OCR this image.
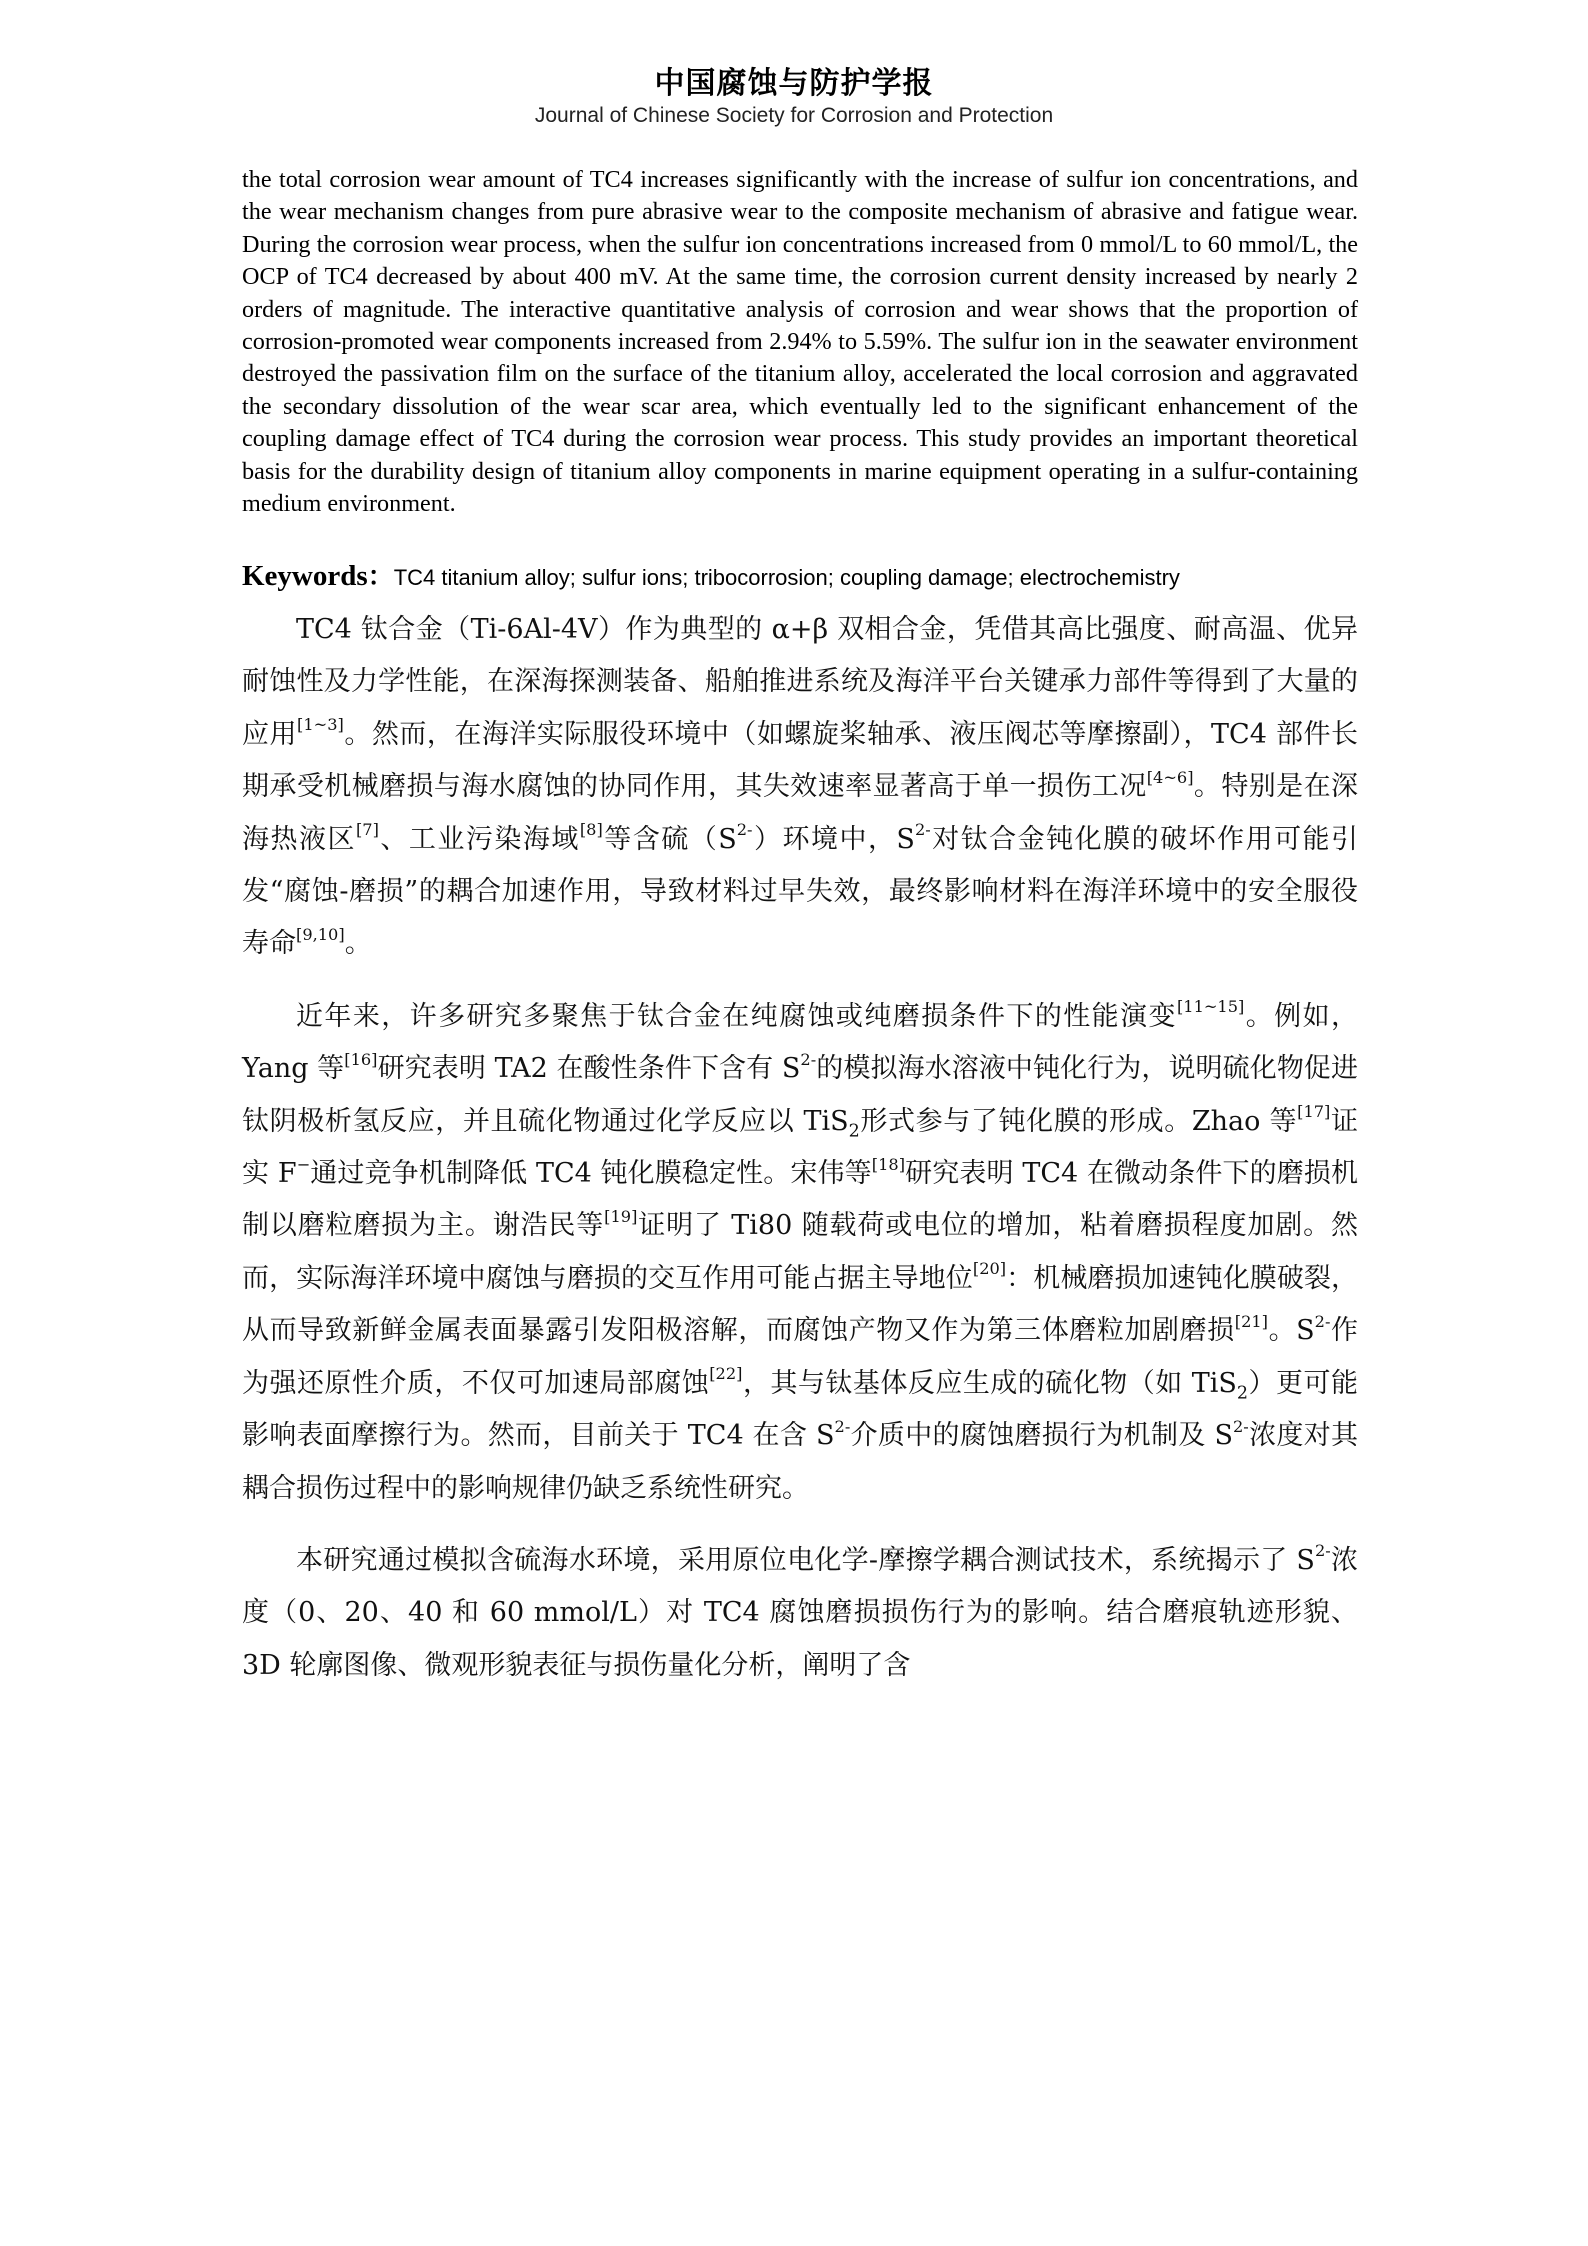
中国腐蚀与防护学报
Journal of Chinese Society for Corrosion and Protection
the total corrosion wear amount of TC4 increases significantly with the increase of sulfur ion concentrations, and the wear mechanism changes from pure abrasive wear to the composite mechanism of abrasive and fatigue wear. During the corrosion wear process, when the sulfur ion concentrations increased from 0 mmol/L to 60 mmol/L, the OCP of TC4 decreased by about 400 mV. At the same time, the corrosion current density increased by nearly 2 orders of magnitude. The interactive quantitative analysis of corrosion and wear shows that the proportion of corrosion-promoted wear components increased from 2.94% to 5.59%. The sulfur ion in the seawater environment destroyed the passivation film on the surface of the titanium alloy, accelerated the local corrosion and aggravated the secondary dissolution of the wear scar area, which eventually led to the significant enhancement of the coupling damage effect of TC4 during the corrosion wear process. This study provides an important theoretical basis for the durability design of titanium alloy components in marine equipment operating in a sulfur-containing medium environment.
Keywords：TC4 titanium alloy; sulfur ions; tribocorrosion; coupling damage; electrochemistry

TC4 钛合金（Ti-6Al-4V）作为典型的 α+β 双相合金，凭借其高比强度、耐高温、优异耐蚀性及力学性能，在深海探测装备、船舶推进系统及海洋平台关键承力部件等得到了大量的应用[1~3]。然而，在海洋实际服役环境中（如螺旋桨轴承、液压阀芯等摩擦副），TC4 部件长期承受机械磨损与海水腐蚀的协同作用，其失效速率显著高于单一损伤工况[4~6]。特别是在深海热液区[7]、工业污染海域[8]等含硫$(S^{2-})$环境中，$S^{2-}$对钛合金钝化膜的破坏作用可能引发“腐蚀-磨损”的耦合加速作用，导致材料过早失效，最终影响材料在海洋环境中的安全服役寿命[9,10]。

近年来，许多研究多聚焦于钛合金在纯腐蚀或纯磨损条件下的性能演变[11~15]。例如，Yang 等[16]研究表明 TA2 在酸性条件下含有 $S^{2-}$的模拟海水溶液中钝化行为，说明硫化物促进钛阴极析氢反应，并且硫化物通过化学反应以 TiS$_2$形式参与了钝化膜的形成。Zhao 等[17]证实 F−通过竞争机制降低 TC4 钝化膜稳定性。宋伟等[18]研究表明 TC4 在微动条件下的磨损机制以磨粒磨损为主。谢浩民等[19]证明了 Ti80 随载荷或电位的增加，粘着磨损程度加剧。然而，实际海洋环境中腐蚀与磨损的交互作用可能占据主导地位[20]：机械磨损加速钝化膜破裂，从而导致新鲜金属表面暴露引发阳极溶解，而腐蚀产物又作为第三体磨粒加剧磨损[21]。$S^{2-}$作为强还原性介质，不仅可加速局部腐蚀[22]，其与钛基体反应生成的硫化物（如 TiS$_2$）更可能影响表面摩擦行为。然而，目前关于 TC4 在含 $S^{2-}$介质中的腐蚀磨损行为机制及 $S^{2-}$浓度对其耦合损伤过程中的影响规律仍缺乏系统性研究。

本研究通过模拟含硫海水环境，采用原位电化学-摩擦学耦合测试技术，系统揭示了 $S^{2-}$浓度（0、20、40 和 60 mmol/L）对 TC4 腐蚀磨损损伤行为的影响。结合磨痕轨迹形貌、3D 轮廓图像、微观形貌表征与损伤量化分析，阐明了含
